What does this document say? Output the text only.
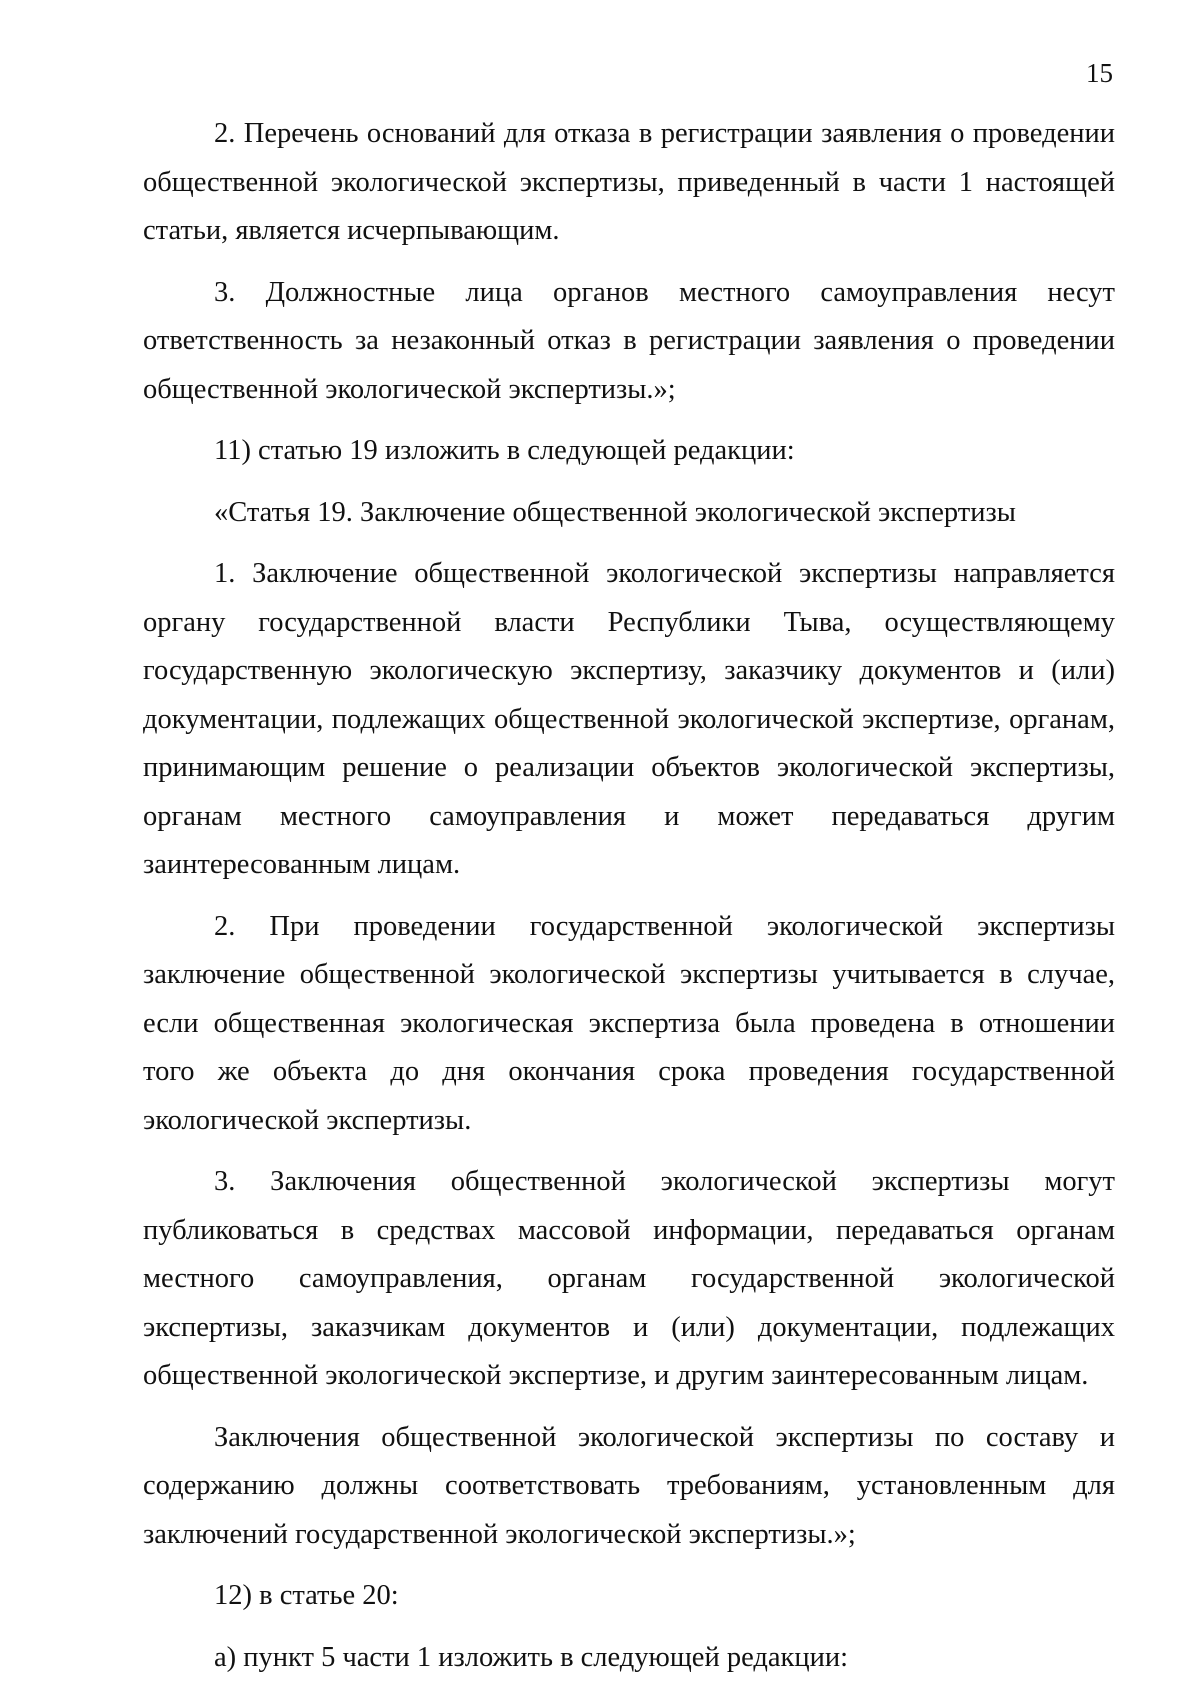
15

2. Перечень оснований для отказа в регистрации заявления о проведении общественной экологической экспертизы, приведенный в части 1 настоящей статьи, является исчерпывающим.

3. Должностные лица органов местного самоуправления несут ответственность за незаконный отказ в регистрации заявления о проведении общественной экологической экспертизы.»;

11) статью 19 изложить в следующей редакции:

«Статья 19. Заключение общественной экологической экспертизы

1. Заключение общественной экологической экспертизы направляется органу государственной власти Республики Тыва, осуществляющему государственную экологическую экспертизу, заказчику документов и (или) документации, подлежащих общественной экологической экспертизе, органам, принимающим решение о реализации объектов экологической экспертизы, органам местного самоуправления и может передаваться другим заинтересованным лицам.

2. При проведении государственной экологической экспертизы заключение общественной экологической экспертизы учитывается в случае, если общественная экологическая экспертиза была проведена в отношении того же объекта до дня окончания срока проведения государственной экологической экспертизы.

3. Заключения общественной экологической экспертизы могут публиковаться в средствах массовой информации, передаваться органам местного самоуправления, органам государственной экологической экспертизы, заказчикам документов и (или) документации, подлежащих общественной экологической экспертизе, и другим заинтересованным лицам.

Заключения общественной экологической экспертизы по составу и содержанию должны соответствовать требованиям, установленным для заключений государственной экологической экспертизы.»;

12) в статье 20:

а) пункт 5 части 1 изложить в следующей редакции:
